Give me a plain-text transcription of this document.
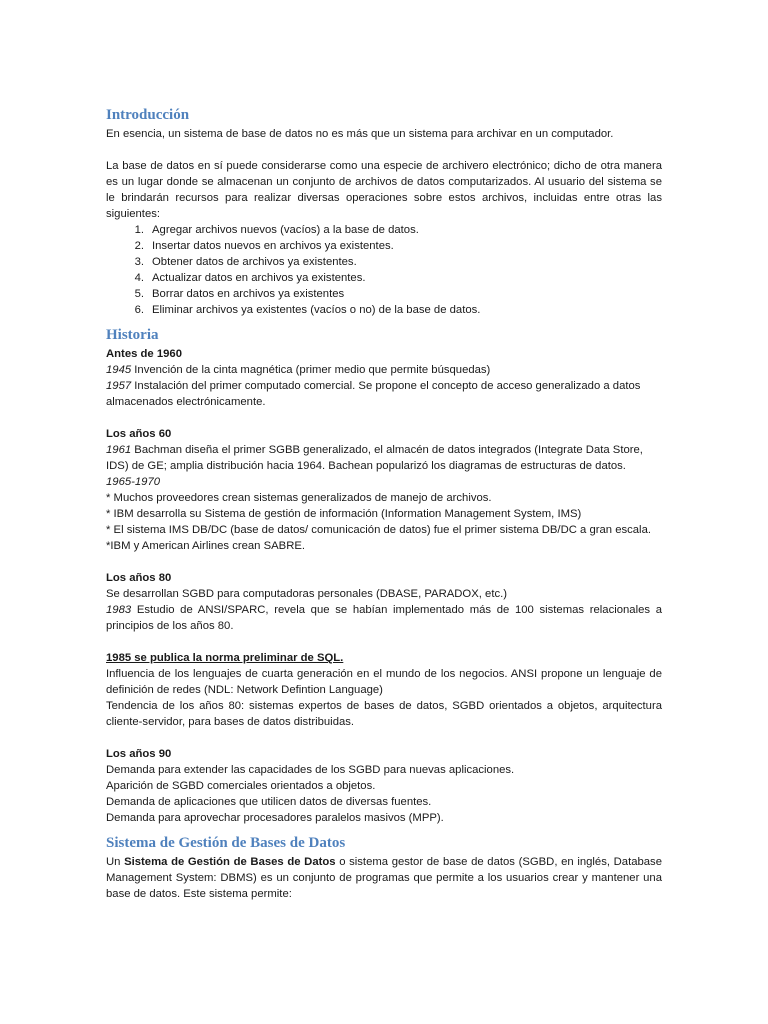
Introducción

En esencia, un sistema de base de datos no es más que un sistema para archivar en un computador.

La base de datos en sí puede considerarse como una especie de archivero electrónico; dicho de otra manera es un lugar donde se almacenan un conjunto de archivos de datos computarizados. Al usuario del sistema se le brindarán recursos para realizar diversas operaciones sobre estos archivos, incluidas entre otras las siguientes:

1. Agregar archivos nuevos (vacíos) a la base de datos.
2. Insertar datos nuevos en archivos ya existentes.
3. Obtener datos de archivos ya existentes.
4. Actualizar datos en archivos ya existentes.
5. Borrar datos en archivos ya existentes
6. Eliminar archivos ya existentes (vacíos o no) de la base de datos.
Historia

Antes de 1960

1945 Invención de la cinta magnética (primer medio que permite búsquedas)

1957 Instalación del primer computado comercial. Se propone el concepto de acceso generalizado a datos almacenados electrónicamente.

Los años 60

1961 Bachman diseña el primer SGBB generalizado, el almacén de datos integrados (Integrate Data Store, IDS) de GE; amplia distribución hacia 1964. Bachean popularizó los diagramas de estructuras de datos.

1965-1970

* Muchos proveedores crean sistemas generalizados de manejo de archivos.

* IBM desarrolla su Sistema de gestión de información (Information Management System, IMS)

* El sistema IMS DB/DC (base de datos/ comunicación de datos) fue el primer sistema DB/DC a gran escala.

*IBM y American Airlines crean SABRE.

Los años 80

Se desarrollan SGBD para computadoras personales (DBASE, PARADOX, etc.)

1983 Estudio de ANSI/SPARC, revela que se habían implementado más de 100 sistemas relacionales a principios de los años 80.

1985 se publica la norma preliminar de SQL.

Influencia de los lenguajes de cuarta generación en el mundo de los negocios. ANSI propone un lenguaje de definición de redes (NDL: Network Defintion Language)

Tendencia de los años 80: sistemas expertos de bases de datos, SGBD orientados a objetos, arquitectura cliente-servidor, para bases de datos distribuidas.

Los años 90

Demanda para extender las capacidades de los SGBD para nuevas aplicaciones.

Aparición de SGBD comerciales orientados a objetos.

Demanda de aplicaciones que utilicen datos de diversas fuentes.

Demanda para aprovechar procesadores paralelos masivos (MPP).

Sistema de Gestión de Bases de Datos

Un Sistema de Gestión de Bases de Datos o sistema gestor de base de datos (SGBD, en inglés, Database Management System: DBMS) es un conjunto de programas que permite a los usuarios crear y mantener una base de datos. Este sistema permite:
